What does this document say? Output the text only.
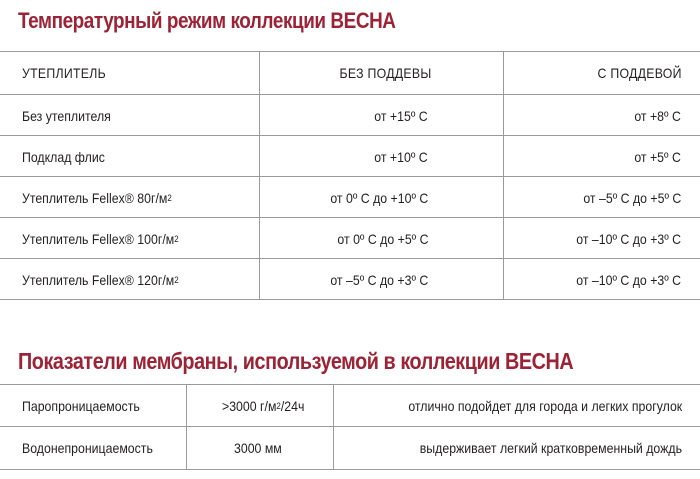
Температурный режим коллекции ВЕСНА
УТЕПЛИТЕЛЬ	БЕЗ ПОДДЕВЫ	С ПОДДЕВОЙ
Без утеплителя	от +15º С	от +8º С
Подклад флис	от +10º С	от +5º С
Утеплитель Fellex® 80г/м 2	от 0º С до +10º С	от –5º С до +5º С
Утеплитель Fellex® 100г/м 2	от 0º С до +5º С	от –10º С до +3º С
Утеплитель Fellex® 120г/м 2	от –5º С до +3º С	от –10º С до +3º С
Показатели мембраны, используемой в коллекции ВЕСНА
Паропроницаемость	>3000 г/м 2 /24ч	отлично подойдет для города и легких прогулок
Водонепроницаемость	3000 мм	выдерживает легкий кратковременный дождь
